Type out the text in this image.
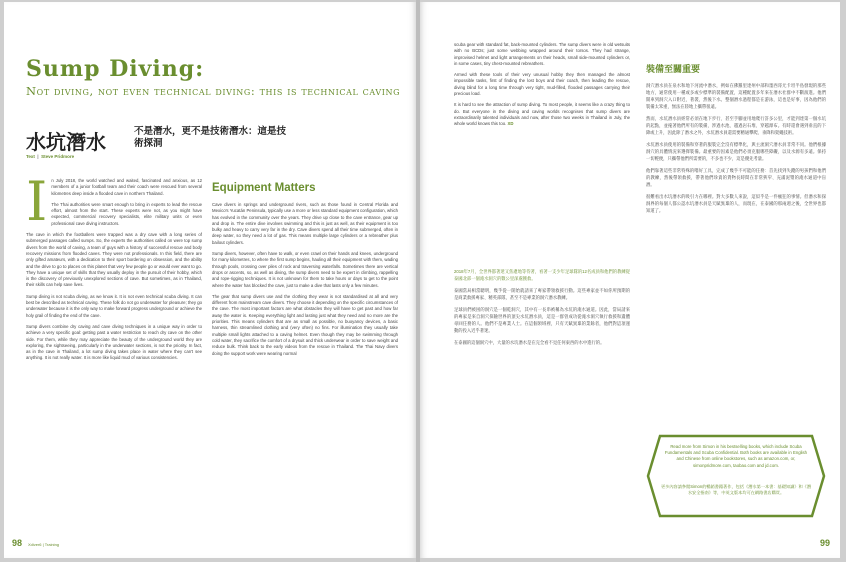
Sump Diving:
Not diving, not even technical diving: this is technical caving
水坑潛水	不是潛水，更不是技術潛水：這是技術探洞
Text  |  Steve Pridmore

In July 2018, the world watched and waited, fascinated and anxious, as 12 members of a junior football team and their coach were rescued from several kilometres deep inside a flooded cave in northern Thailand.

The Thai authorities were smart enough to bring in experts to lead the rescue effort, almost from the start. These experts were not, as you might have expected, commercial recovery specialists, elite military units or even professional cave diving instructors.

The cave in which the footballers were trapped was a dry cave with a long series of submerged passages called sumps. So, the experts the authorities called on were top sump divers from the world of caving, a team of guys with a history of successful rescue and body recovery missions from flooded caves. They were not professionals. In this field, there are only gifted amateurs, with a dedication to their sport bordering on obsession, and the ability and the drive to go to places on this planet that very few people go or would ever want to go. They have a unique set of skills that they usually deploy in the pursuit of their hobby, which is the discovery of previously unexplored sections of cave. But sometimes, as in Thailand, their skills can help save lives.

Sump diving is not scuba diving, as we know it. It is not even technical scuba diving. It can best be described as technical caving. These folk do not go underwater for pleasure; they go underwater because it is the only way to make forward progress underground or achieve the holy grail of finding the end of the cave.

Sump divers combine dry caving and cave diving techniques in a unique way in order to achieve a very specific goal: getting past a water restriction to reach dry cave on the other side. For them, while they may appreciate the beauty of the underground world they are exploring, the sightseeing, particularly in the underwater sections, is not the priority. In fact, as in the cave in Thailand, a lot sump diving takes place in water where they can't see anything. It is not really water. It is more like liquid mud of various consistencies.

Equipment Matters

Cave divers in springs and underground rivers, such as those found in Central Florida and Mexico's Yucatán Peninsula, typically use a more or less standard equipment configuration, which has evolved in the community over the years. They drive up close to the cave entrance, gear up and drop in. The entire dive involves swimming and this is just as well, as their equipment is too bulky and heavy to carry very far in the dry. Cave divers spend all their time submerged, often in deep water, so they need a lot of gas. This means multiple large cylinders or a rebreather plus bailout cylinders.

Sump divers, however, often have to walk, or even crawl on their hands and knees, underground for many kilometres, to where the first sump begins, hauling all their equipment with them, wading through pools, crossing over piles of rock and traversing waterfalls. Sometimes there are vertical drops or ascents, so, as well as diving, the sump divers need to be expert in climbing, rappelling and rope-rigging techniques. It is not unknown for them to take hours or days to get to the point where the water has blocked the cave, just to make a dive that lasts only a few minutes.

The gear that sump divers use and the clothing they wear is not standardised at all and very different from mainstream cave divers. They choose it depending on the specific circumstances of the cave. The most important factors are what obstacles they will have to get past and how far away the water is. Keeping everything light and lasting just what they need and no more are the priorities. This means cylinders that are as small as possible, no buoyancy devices, a basic harness, thin streamlined clothing and (very often) no fins. For illumination they usually take multiple small lights attached to a caving helmet. Even though they may be swimming through cold water, they sacrifice the comfort of a drysuit and thick underwear in order to save weight and reduce bulk. Think back to the early videos from the rescue in Thailand. The Thai Navy divers doing the support work were wearing normal

98 Xdiver6 | Training

scuba gear with standard fat, back-mounted cylinders. The sump divers were in old wetsuits with no BCDs; just some webbing wrapped around their torsos. They had strange, improvised helmet and light arrangements on their heads, small side-mounted cylinders or, in some cases, tiny chest-mounted rebreathers.

Armed with these tools of their very unusual hobby they then managed the almost impossible tasks, first of finding the lost boys and their coach, then leading the rescue, diving blind for a long time through very tight, mud-filled, flooded passages carrying their precious load.

It is hard to see the attraction of sump diving. To most people, it seems like a crazy thing to do. But everyone in the diving and caving worlds recognises that sump divers are extraordinarily talented individuals and now, after those two weeks in Thailand in July, the whole world knows this too. XD

2018年7月，全世界都著迷又焦慮地等待著，看著一支少年足球隊的12名成員和他們的教練從泰國北部一個淹水洞穴的數公里深處獲救。

泰國當局相當聰明，幾乎從一開始就請來了專家帶領救援行動。這些專家並不如你所預期的是商業救援專家、精英部隊，甚至不是專業的洞穴潛水教練。

足球員們被困的洞穴是一個乾洞穴，其中有一長串被稱為水坑的淹水通道。因此，當局請來的專家是來自洞穴探險世界的頂尖水坑潛水員，這是一群曾成功從淹水洞穴執行救援和遺體尋回任務的人。他們不是專業人士。在這個領域裡，只有天賦異稟的業餘者，他們對這項運動的投入近乎著迷。

在泰國的這個洞穴中，大量的水坑潛水是在完全看不見任何東西的水中進行的。

裝備至關重要

洞穴潛水員在泉水和地下河流中潛水，例如在佛羅里達州中部和墨西哥尤卡坦半島發現的那些地方，通常使用一種或多或少標準的裝備配置，這種配置多年來在潛水社群中不斷演進。他們開車到洞穴入口附近，著裝，然後下水。整個潛水過程都是在游泳，這也是好事，因為他們的裝備太笨重，無法在陸地上攜帶很遠。

然而，水坑潛水員經常必須在地下步行、甚至手腳並用地爬行許多公里，才能到達第一個水坑的起點，並拖著他們所有的裝備，涉過水池、越過岩石堆、穿越瀑布。有時還會遇到垂直的下降或上升，因此除了潛水之外，水坑潛水員還需要精通攀爬、垂降和架繩技術。

水坑潛水員使用的裝備和穿著的服裝完全沒有標準化，與主流洞穴潛水員非常不同。他們根據洞穴的具體情況來選擇裝備。最重要的因素是他們必須克服哪些障礙，以及水源有多遠。保持一切輕便，只攜帶他們所需要的，不多也不少，這是優先考量。

他們靠著這些非常特殊的嗜好工具，完成了幾乎不可能的任務：首先找到失蹤的男孩們和他們的教練，然後帶領救援，帶著他們珍貴的貨物長時間在非常狹窄、充滿泥漿的淹水通道中盲潛。

很難看出水坑潛水的吸引力在哪裡。對大多數人來說，這似乎是一件瘋狂的事情。但潛水和探洞界的每個人都公認水坑潛水員是天賦異稟的人，而現在，在泰國的那兩週之後，全世界也都知道了。

Read more from Simon in his bestselling books, which include Scuba Fundamentals and Scuba Confidential. Both books are available in English and Chinese from online bookstores, such as amazon.com, or, simonpridmore.com, taobao.com and jd.com.
更多內容請參閱Simon的暢銷書籍著作，包括《潛水第一本書：基礎知識》和《潛水安全指南》等，中英文版本均可在網路書店購買。
99
